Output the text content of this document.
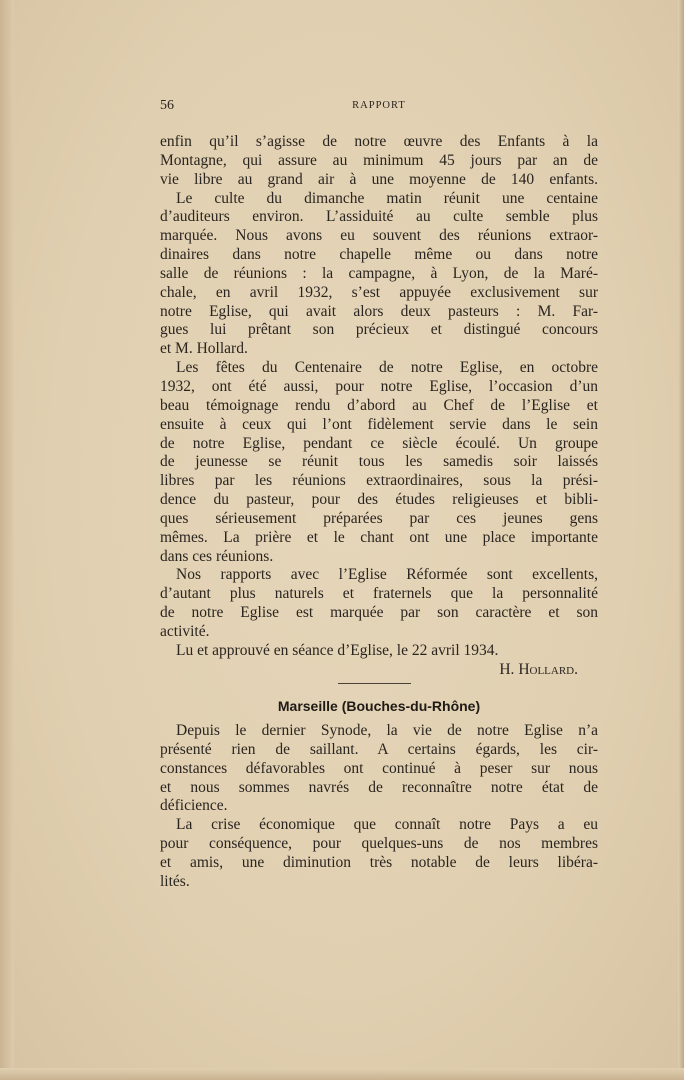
56	RAPPORT
enfin qu’il s’agisse de notre œuvre des Enfants à la
Montagne, qui assure au minimum 45 jours par an de
vie libre au grand air à une moyenne de 140 enfants.
Le culte du dimanche matin réunit une centaine
d’auditeurs environ. L’assiduité au culte semble plus
marquée. Nous avons eu souvent des réunions extraor-
dinaires dans notre chapelle même ou dans notre
salle de réunions : la campagne, à Lyon, de la Maré-
chale, en avril 1932, s’est appuyée exclusivement sur
notre Eglise, qui avait alors deux pasteurs : M. Far-
gues lui prêtant son précieux et distingué concours
et M. Hollard.
Les fêtes du Centenaire de notre Eglise, en octobre
1932, ont été aussi, pour notre Eglise, l’occasion d’un
beau témoignage rendu d’abord au Chef de l’Eglise et
ensuite à ceux qui l’ont fidèlement servie dans le sein
de notre Eglise, pendant ce siècle écoulé. Un groupe
de jeunesse se réunit tous les samedis soir laissés
libres par les réunions extraordinaires, sous la prési-
dence du pasteur, pour des études religieuses et bibli-
ques sérieusement préparées par ces jeunes gens
mêmes. La prière et le chant ont une place importante
dans ces réunions.
Nos rapports avec l’Eglise Réformée sont excellents,
d’autant plus naturels et fraternels que la personnalité
de notre Eglise est marquée par son caractère et son
activité.
Lu et approuvé en séance d’Eglise, le 22 avril 1934.
H. Hollard.
Marseille (Bouches-du-Rhône)
Depuis le dernier Synode, la vie de notre Eglise n’a
présenté rien de saillant. A certains égards, les cir-
constances défavorables ont continué à peser sur nous
et nous sommes navrés de reconnaître notre état de
déficience.
La crise économique que connaît notre Pays a eu
pour conséquence, pour quelques-uns de nos membres
et amis, une diminution très notable de leurs libéra-
lités.
